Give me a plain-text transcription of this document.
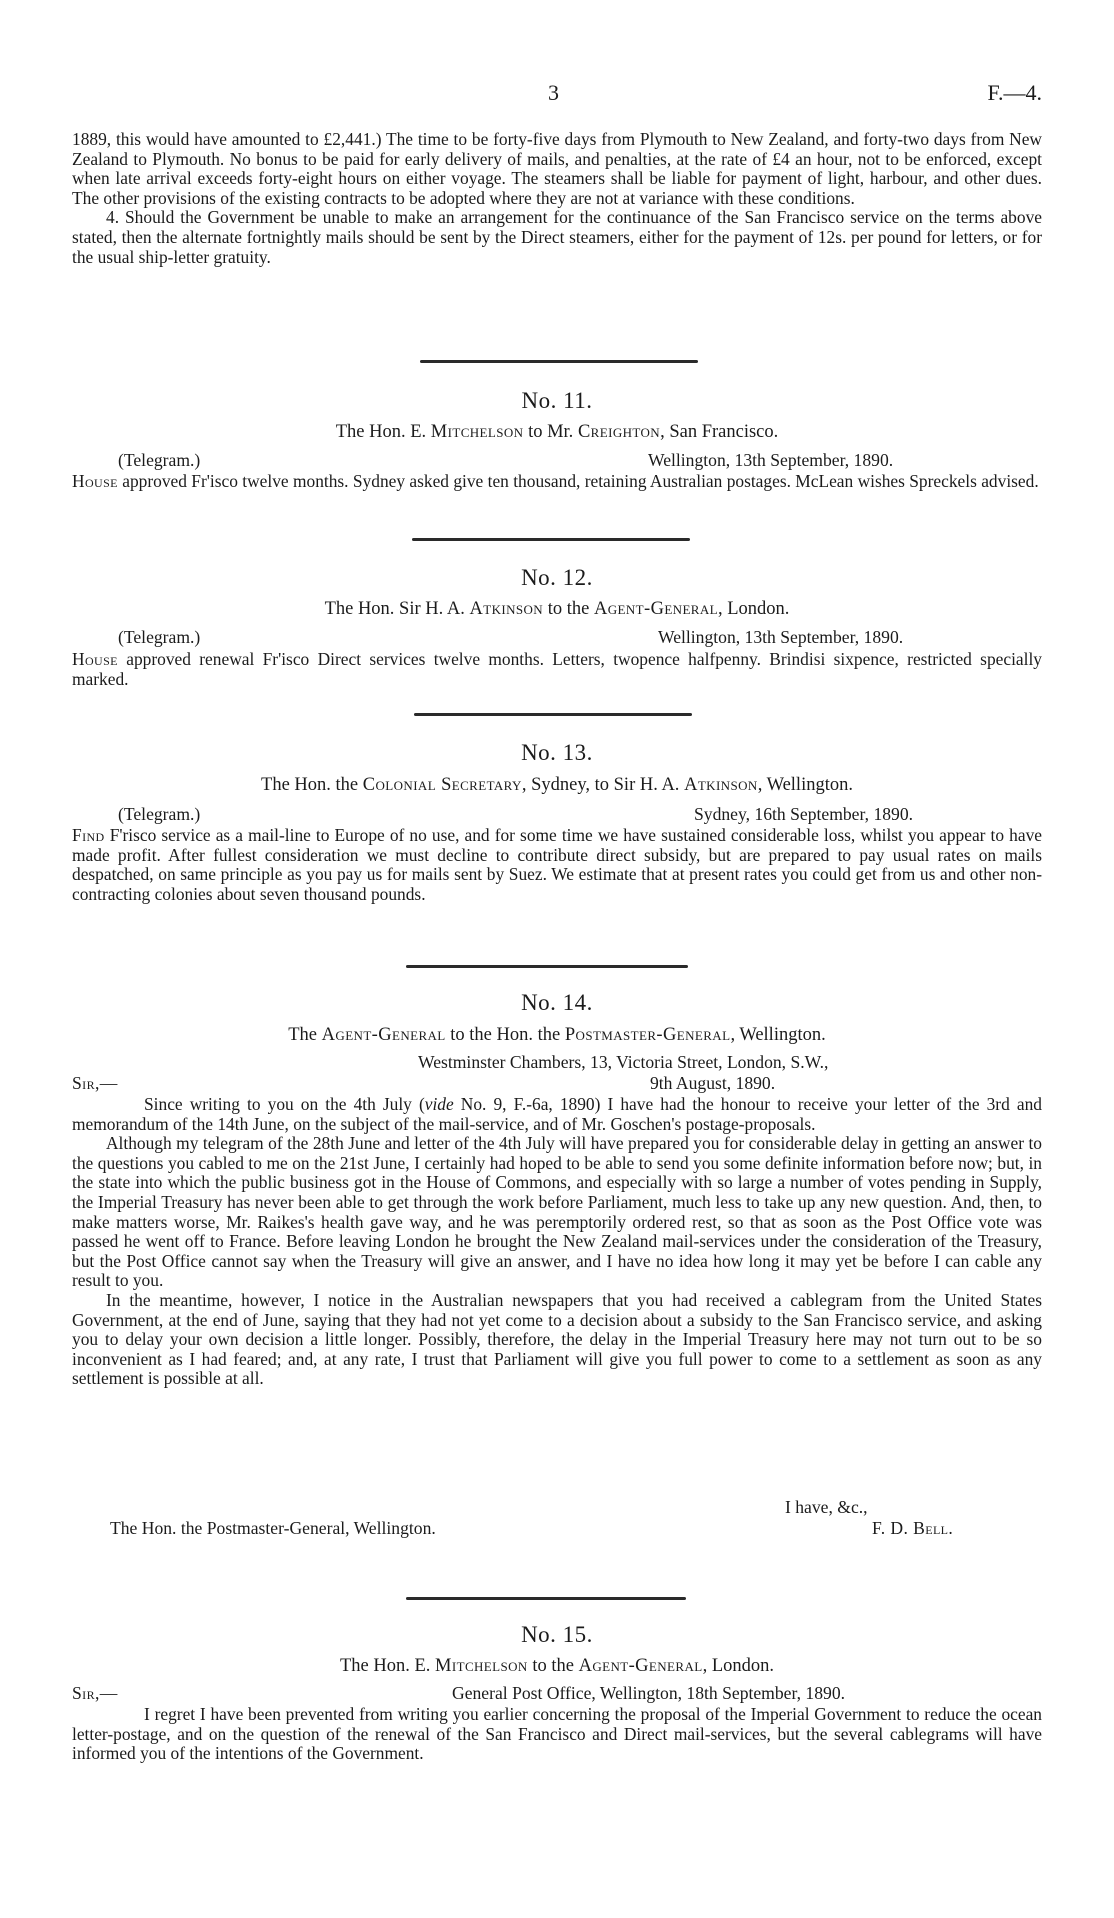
3	F.—4.

1889, this would have amounted to £2,441.) The time to be forty-five days from Plymouth to New Zealand, and forty-two days from New Zealand to Plymouth. No bonus to be paid for early delivery of mails, and penalties, at the rate of £4 an hour, not to be enforced, except when late arrival exceeds forty-eight hours on either voyage. The steamers shall be liable for payment of light, harbour, and other dues. The other provisions of the existing contracts to be adopted where they are not at variance with these conditions.

4. Should the Government be unable to make an arrangement for the continuance of the San Francisco service on the terms above stated, then the alternate fortnightly mails should be sent by the Direct steamers, either for the payment of 12s. per pound for letters, or for the usual ship-letter gratuity.

No. 11.
The Hon. E. Mitchelson to Mr. Creighton, San Francisco.
(Telegram.)	Wellington, 13th September, 1890.

House approved Fr'isco twelve months. Sydney asked give ten thousand, retaining Australian postages. McLean wishes Spreckels advised.

No. 12.
The Hon. Sir H. A. Atkinson to the Agent-General, London.
(Telegram.)	Wellington, 13th September, 1890.

House approved renewal Fr'isco Direct services twelve months. Letters, twopence halfpenny. Brindisi sixpence, restricted specially marked.

No. 13.
The Hon. the Colonial Secretary, Sydney, to Sir H. A. Atkinson, Wellington.
(Telegram.)	Sydney, 16th September, 1890.

Find F'risco service as a mail-line to Europe of no use, and for some time we have sustained considerable loss, whilst you appear to have made profit. After fullest consideration we must decline to contribute direct subsidy, but are prepared to pay usual rates on mails despatched, on same principle as you pay us for mails sent by Suez. We estimate that at present rates you could get from us and other non-contracting colonies about seven thousand pounds.

No. 14.
The Agent-General to the Hon. the Postmaster-General, Wellington.
Westminster Chambers, 13, Victoria Street, London, S.W.,
Sir,—	9th August, 1890.

Since writing to you on the 4th July (vide No. 9, F.-6a, 1890) I have had the honour to receive your letter of the 3rd and memorandum of the 14th June, on the subject of the mail-service, and of Mr. Goschen's postage-proposals.

Although my telegram of the 28th June and letter of the 4th July will have prepared you for considerable delay in getting an answer to the questions you cabled to me on the 21st June, I certainly had hoped to be able to send you some definite information before now; but, in the state into which the public business got in the House of Commons, and especially with so large a number of votes pending in Supply, the Imperial Treasury has never been able to get through the work before Parliament, much less to take up any new question. And, then, to make matters worse, Mr. Raikes's health gave way, and he was peremptorily ordered rest, so that as soon as the Post Office vote was passed he went off to France. Before leaving London he brought the New Zealand mail-services under the consideration of the Treasury, but the Post Office cannot say when the Treasury will give an answer, and I have no idea how long it may yet be before I can cable any result to you.

In the meantime, however, I notice in the Australian newspapers that you had received a cablegram from the United States Government, at the end of June, saying that they had not yet come to a decision about a subsidy to the San Francisco service, and asking you to delay your own decision a little longer. Possibly, therefore, the delay in the Imperial Treasury here may not turn out to be so inconvenient as I had feared; and, at any rate, I trust that Parliament will give you full power to come to a settlement as soon as any settlement is possible at all.

I have, &c.,
The Hon. the Postmaster-General, Wellington.	F. D. Bell.
No. 15.
The Hon. E. Mitchelson to the Agent-General, London.
Sir,—	General Post Office, Wellington, 18th September, 1890.

I regret I have been prevented from writing you earlier concerning the proposal of the Imperial Government to reduce the ocean letter-postage, and on the question of the renewal of the San Francisco and Direct mail-services, but the several cablegrams will have informed you of the intentions of the Government.
